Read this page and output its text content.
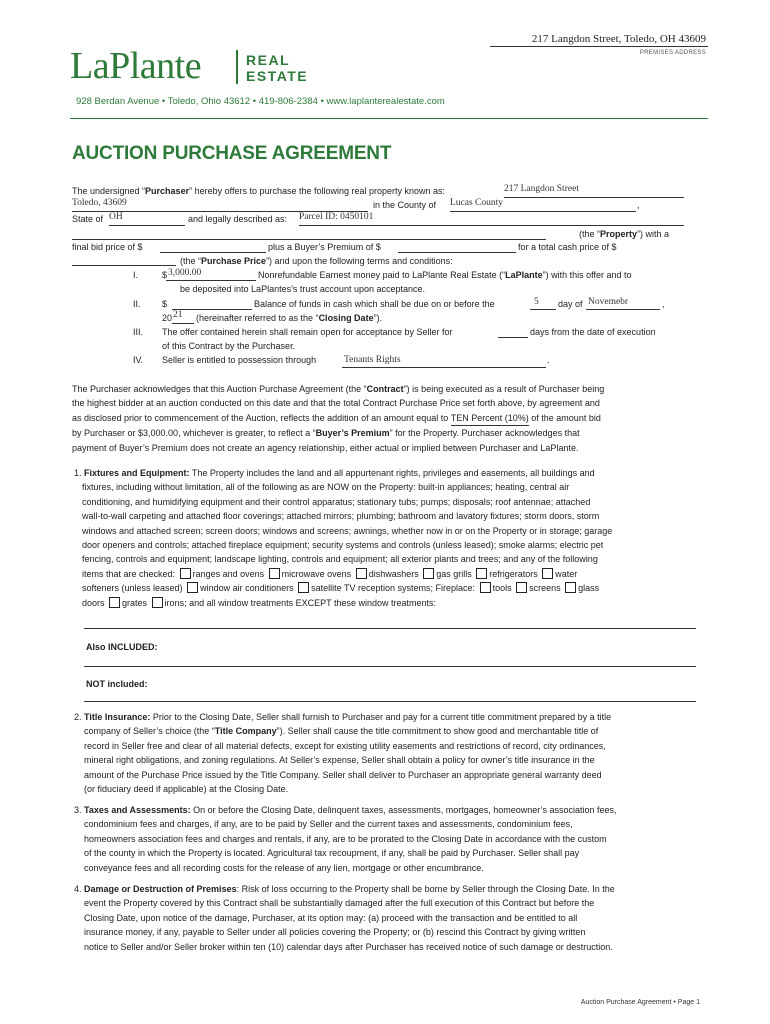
LaPlante	REAL
ESTATE
217 Langdon Street, Toledo, OH 43609
PREMISES ADDRESS
928 Berdan Avenue • Toledo, Ohio 43612 • 419-806-2384 • www.laplanterealestate.com
AUCTION PURCHASE AGREEMENT
The undersigned “Purchaser” hereby offers to purchase the following real property known as:	217 Langdon Street
Toledo, 43609	in the County of Lucas County	,
State of OH	and legally described as: Parcel ID: 0450101
(the “Property”) with a
final bid price of $	plus a Buyer’s Premium of $	for a total cash price of $
(the “Purchase Price”) and upon the following terms and conditions:
I.	$ 3,000.00	Nonrefundable Earnest money paid to LaPlante Real Estate (“LaPlante”) with this offer and to
be deposited into LaPlantes’s trust account upon acceptance.
II. $	Balance of funds in cash which shall be due on or before the	5 day of Novemebr	,
20 21 (hereinafter referred to as the “Closing Date”).
III. The offer contained herein shall remain open for acceptance by Seller for	days from the date of execution
of this Contract by the Purchaser.
IV. Seller is entitled to possession through	Tenants Rights	.
The Purchaser acknowledges that this Auction Purchase Agreement (the “Contract”) is being executed as a result of Purchaser being
the highest bidder at an auction conducted on this date and that the total Contract Purchase Price set forth above, by agreement and
as disclosed prior to commencement of the Auction, reflects the addition of an amount equal to TEN Percent (10%) of the amount bid
by Purchaser or $3,000.00, whichever is greater, to reflect a “Buyer’s Premium” for the Property. Purchaser acknowledges that
payment of Buyer’s Premium does not create an agency relationship, either actual or implied between Purchaser and LaPlante.
1. Fixtures and Equipment: The Property includes the land and all appurtenant rights, privileges and easements, all buildings and
fixtures, including without limitation, all of the following as are NOW on the Property: built-in appliances; heating, central air
conditioning, and humidifying equipment and their control apparatus; stationary tubs; pumps; disposals; roof antennae; attached
wall-to-wall carpeting and attached floor coverings; attached mirrors; plumbing; bathroom and lavatory fixtures; storm doors, storm
windows and attached screen; screen doors; windows and screens; awnings, whether now in or on the Property or in storage; garage
door openers and controls; attached fireplace equipment; security systems and controls (unless leased); smoke alarms; electric pet
fencing, controls and equipment; landscape lighting, controls and equipment; all exterior plants and trees; and any of the following
items that are checked: ranges and ovens microwave ovens dishwashers gas grills refrigerators water
softeners (unless leased) window air conditioners satellite TV reception systems; Fireplace: tools screens glass
doors grates irons; and all window treatments EXCEPT these window treatments:
Also INCLUDED:
NOT included:
2. Title Insurance: Prior to the Closing Date, Seller shall furnish to Purchaser and pay for a current title commitment prepared by a title
company of Seller’s choice (the “Title Company”). Seller shall cause the title commitment to show good and merchantable title of
record in Seller free and clear of all material defects, except for existing utility easements and restrictions of record, city ordinances,
mineral right obligations, and zoning regulations. At Seller’s expense, Seller shall obtain a policy for owner’s title insurance in the
amount of the Purchase Price issued by the Title Company. Seller shall deliver to Purchaser an appropriate general warranty deed
(or fiduciary deed if applicable) at the Closing Date.
3. Taxes and Assessments: On or before the Closing Date, delinquent taxes, assessments, mortgages, homeowner’s association fees,
condominium fees and charges, if any, are to be paid by Seller and the current taxes and assessments, condominium fees,
homeowners association fees and charges and rentals, if any, are to be prorated to the Closing Date in accordance with the custom
of the county in which the Property is located. Agricultural tax recoupment, if any, shall be paid by Purchaser. Seller shall pay
conveyance fees and all recording costs for the release of any lien, mortgage or other encumbrance.
4. Damage or Destruction of Premises: Risk of loss occurring to the Property shall be borne by Seller through the Closing Date. In the
event the Property covered by this Contract shall be substantially damaged after the full execution of this Contract but before the
Closing Date, upon notice of the damage, Purchaser, at its option may: (a) proceed with the transaction and be entitled to all
insurance money, if any, payable to Seller under all policies covering the Property; or (b) rescind this Contract by giving written
notice to Seller and/or Seller broker within ten (10) calendar days after Purchaser has received notice of such damage or destruction.
Auction Purchase Agreement • Page 1
